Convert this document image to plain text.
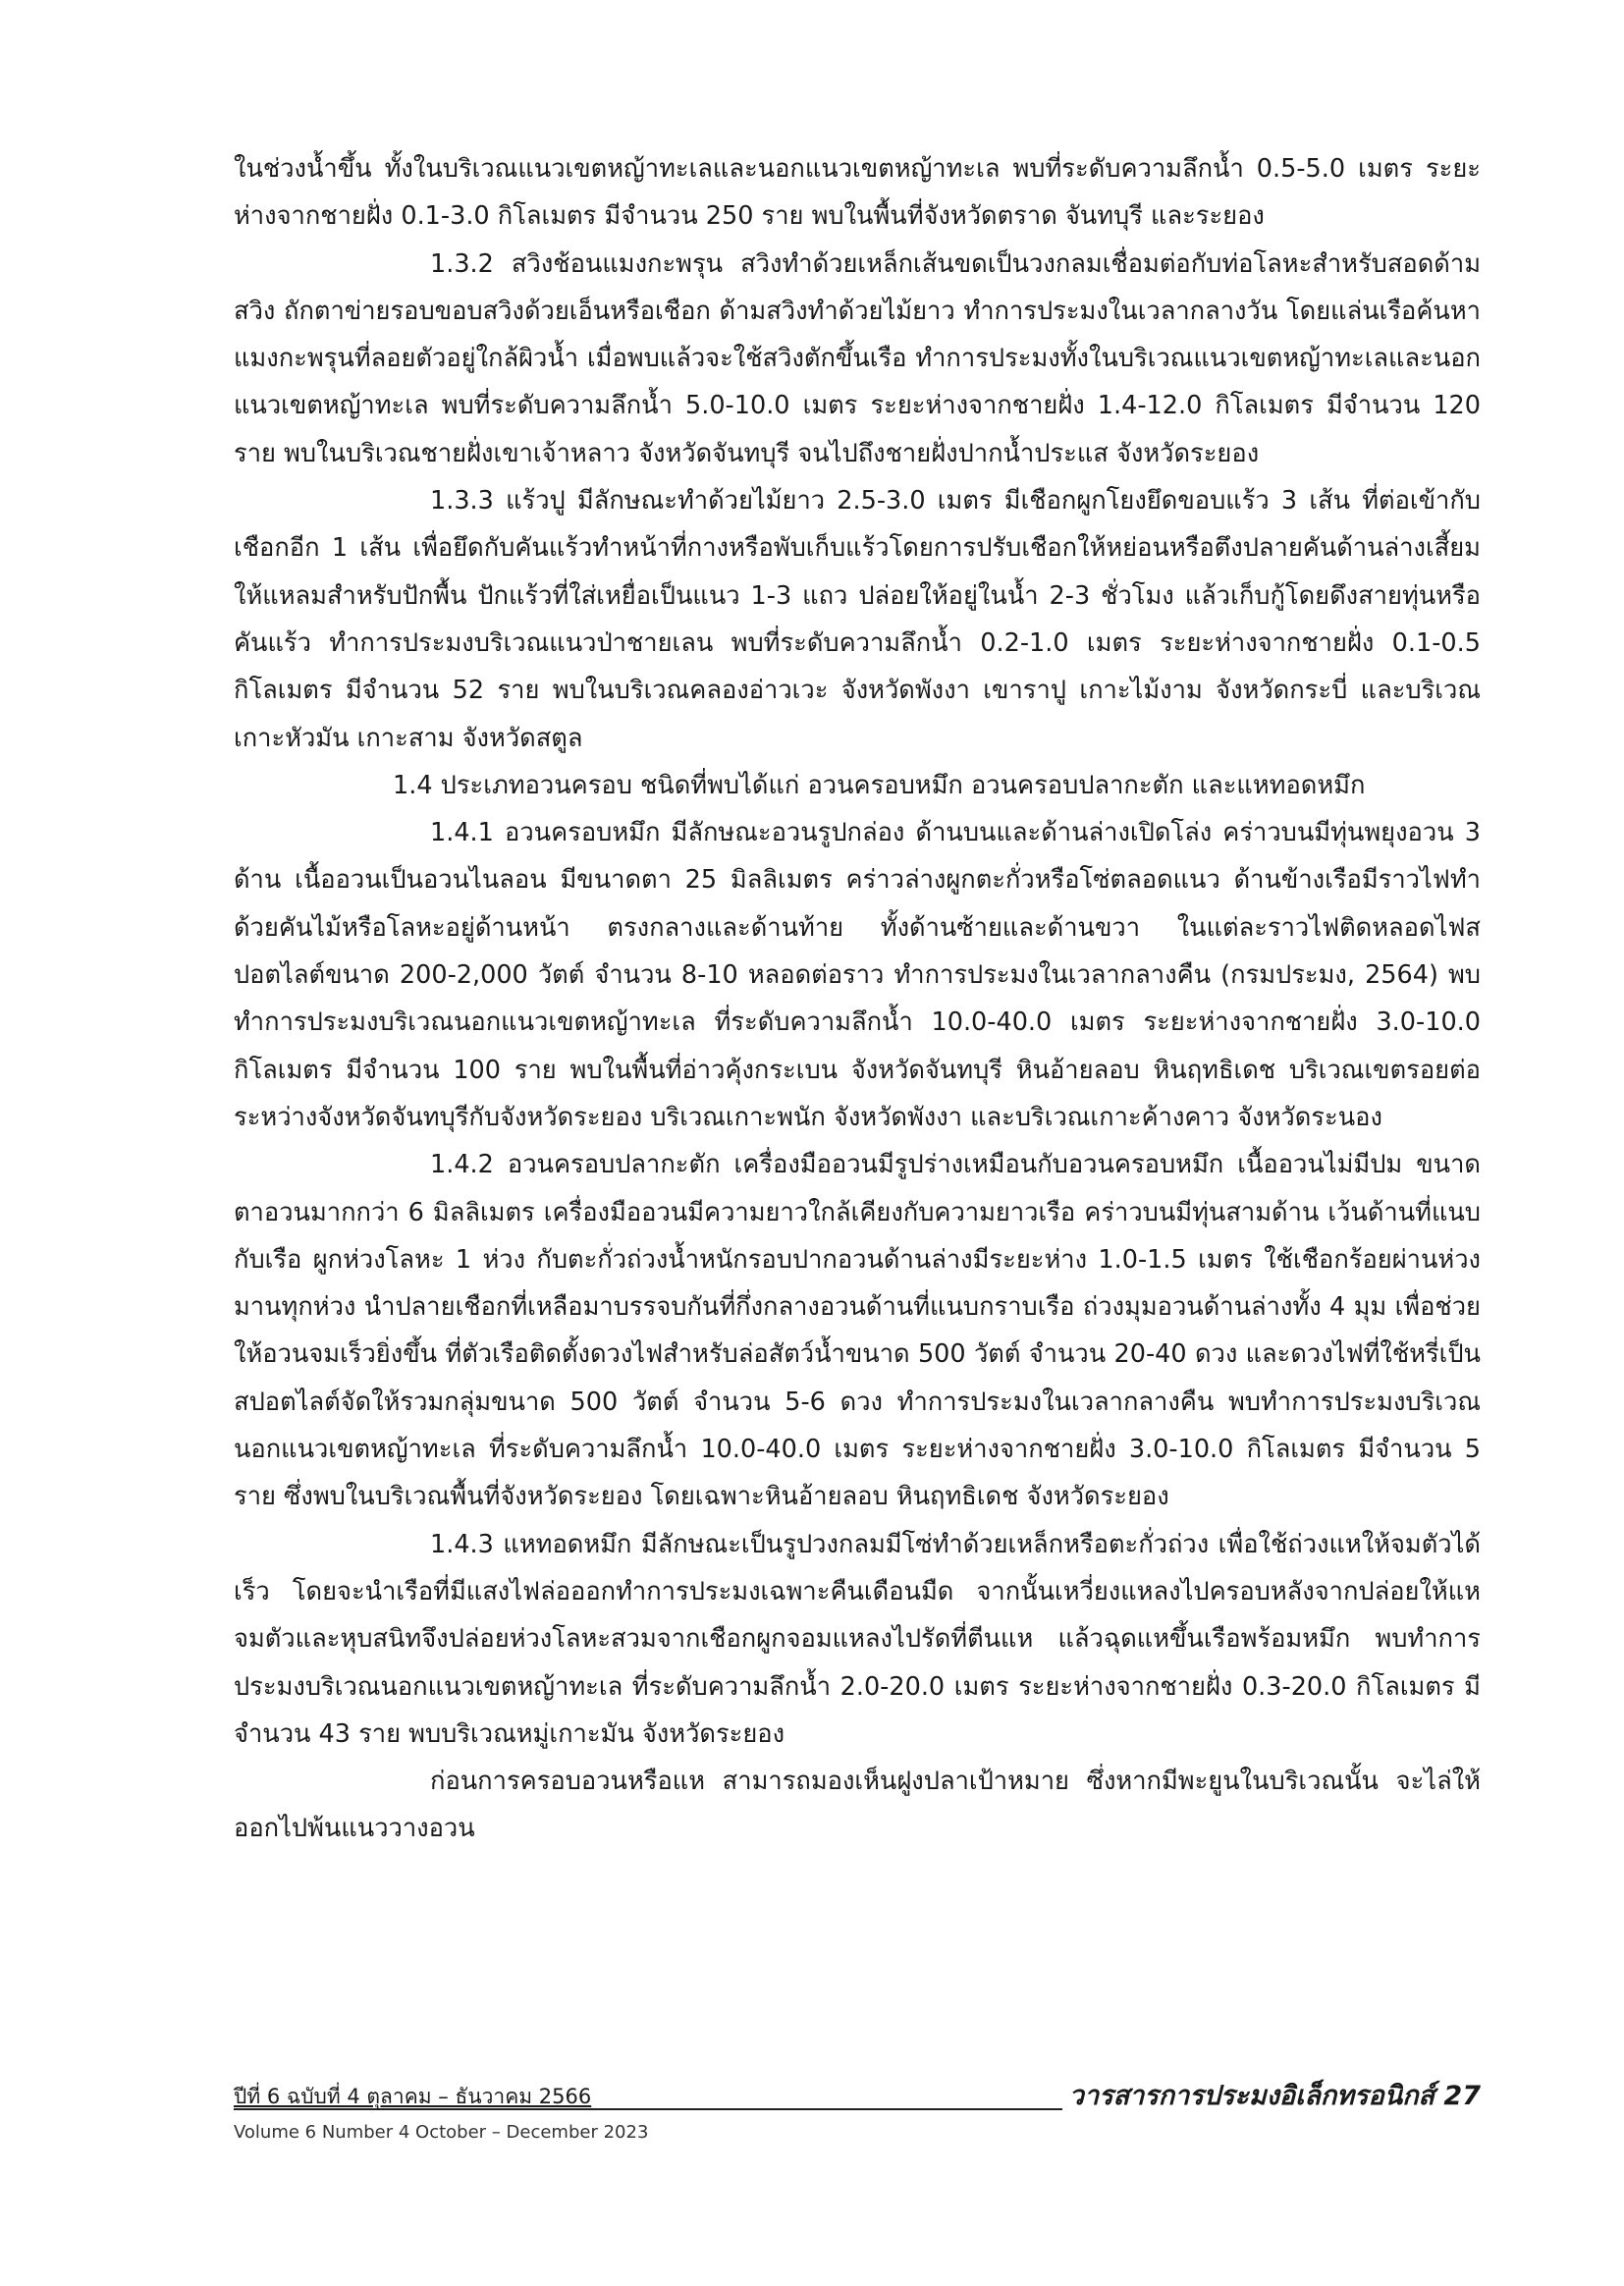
ในช่วงน้ำขึ้น ทั้งในบริเวณแนวเขตหญ้าทะเลและนอกแนวเขตหญ้าทะเล พบที่ระดับความลึกน้ำ 0.5-5.0 เมตร ระยะห่างจากชายฝั่ง 0.1-3.0 กิโลเมตร มีจำนวน 250 ราย พบในพื้นที่จังหวัดตราด จันทบุรี และระยอง

1.3.2 สวิงช้อนแมงกะพรุน สวิงทำด้วยเหล็กเส้นขดเป็นวงกลมเชื่อมต่อกับท่อโลหะสำหรับสอดด้ามสวิง ถักตาข่ายรอบขอบสวิงด้วยเอ็นหรือเชือก ด้ามสวิงทำด้วยไม้ยาว ทำการประมงในเวลากลางวัน โดยแล่นเรือค้นหาแมงกะพรุนที่ลอยตัวอยู่ใกล้ผิวน้ำ เมื่อพบแล้วจะใช้สวิงตักขึ้นเรือ ทำการประมงทั้งในบริเวณแนวเขตหญ้าทะเลและนอกแนวเขตหญ้าทะเล พบที่ระดับความลึกน้ำ 5.0-10.0 เมตร ระยะห่างจากชายฝั่ง 1.4-12.0 กิโลเมตร มีจำนวน 120 ราย พบในบริเวณชายฝั่งเขาเจ้าหลาว จังหวัดจันทบุรี จนไปถึงชายฝั่งปากน้ำประแส จังหวัดระยอง

1.3.3 แร้วปู มีลักษณะทำด้วยไม้ยาว 2.5-3.0 เมตร มีเชือกผูกโยงยึดขอบแร้ว 3 เส้น ที่ต่อเข้ากับเชือกอีก 1 เส้น เพื่อยึดกับคันแร้วทำหน้าที่กางหรือพับเก็บแร้วโดยการปรับเชือกให้หย่อนหรือตึงปลายคันด้านล่างเสี้ยมให้แหลมสำหรับปักพื้น ปักแร้วที่ใส่เหยื่อเป็นแนว 1-3 แถว ปล่อยให้อยู่ในน้ำ 2-3 ชั่วโมง แล้วเก็บกู้โดยดึงสายทุ่นหรือคันแร้ว ทำการประมงบริเวณแนวป่าชายเลน พบที่ระดับความลึกน้ำ 0.2-1.0 เมตร ระยะห่างจากชายฝั่ง 0.1-0.5 กิโลเมตร มีจำนวน 52 ราย พบในบริเวณคลองอ่าวเวะ จังหวัดพังงา เขาราปู เกาะไม้งาม จังหวัดกระบี่ และบริเวณเกาะหัวมัน เกาะสาม จังหวัดสตูล

1.4 ประเภทอวนครอบ ชนิดที่พบได้แก่ อวนครอบหมึก อวนครอบปลากะตัก และแหทอดหมึก

1.4.1 อวนครอบหมึก มีลักษณะอวนรูปกล่อง ด้านบนและด้านล่างเปิดโล่ง คร่าวบนมีทุ่นพยุงอวน 3 ด้าน เนื้ออวนเป็นอวนไนลอน มีขนาดตา 25 มิลลิเมตร คร่าวล่างผูกตะกั่วหรือโซ่ตลอดแนว ด้านข้างเรือมีราวไฟทำด้วยคันไม้หรือโลหะอยู่ด้านหน้า ตรงกลางและด้านท้าย ทั้งด้านซ้ายและด้านขวา ในแต่ละราวไฟติดหลอดไฟสปอตไลต์ขนาด 200-2,000 วัตต์ จำนวน 8-10 หลอดต่อราว ทำการประมงในเวลากลางคืน (กรมประมง, 2564) พบทำการประมงบริเวณนอกแนวเขตหญ้าทะเล ที่ระดับความลึกน้ำ 10.0-40.0 เมตร ระยะห่างจากชายฝั่ง 3.0-10.0 กิโลเมตร มีจำนวน 100 ราย พบในพื้นที่อ่าวคุ้งกระเบน จังหวัดจันทบุรี หินอ้ายลอบ หินฤทธิเดช บริเวณเขตรอยต่อระหว่างจังหวัดจันทบุรีกับจังหวัดระยอง บริเวณเกาะพนัก จังหวัดพังงา และบริเวณเกาะค้างคาว จังหวัดระนอง

1.4.2 อวนครอบปลากะตัก เครื่องมืออวนมีรูปร่างเหมือนกับอวนครอบหมึก เนื้ออวนไม่มีปม ขนาดตาอวนมากกว่า 6 มิลลิเมตร เครื่องมืออวนมีความยาวใกล้เคียงกับความยาวเรือ คร่าวบนมีทุ่นสามด้าน เว้นด้านที่แนบกับเรือ ผูกห่วงโลหะ 1 ห่วง กับตะกั่วถ่วงน้ำหนักรอบปากอวนด้านล่างมีระยะห่าง 1.0-1.5 เมตร ใช้เชือกร้อยผ่านห่วงมานทุกห่วง นำปลายเชือกที่เหลือมาบรรจบกันที่กึ่งกลางอวนด้านที่แนบกราบเรือ ถ่วงมุมอวนด้านล่างทั้ง 4 มุม เพื่อช่วยให้อวนจมเร็วยิ่งขึ้น ที่ตัวเรือติดตั้งดวงไฟสำหรับล่อสัตว์น้ำขนาด 500 วัตต์ จำนวน 20-40 ดวง และดวงไฟที่ใช้หรี่เป็นสปอตไลต์จัดให้รวมกลุ่มขนาด 500 วัตต์ จำนวน 5-6 ดวง ทำการประมงในเวลากลางคืน พบทำการประมงบริเวณนอกแนวเขตหญ้าทะเล ที่ระดับความลึกน้ำ 10.0-40.0 เมตร ระยะห่างจากชายฝั่ง 3.0-10.0 กิโลเมตร มีจำนวน 5 ราย ซึ่งพบในบริเวณพื้นที่จังหวัดระยอง โดยเฉพาะหินอ้ายลอบ หินฤทธิเดช จังหวัดระยอง

1.4.3 แหทอดหมึก มีลักษณะเป็นรูปวงกลมมีโซ่ทำด้วยเหล็กหรือตะกั่วถ่วง เพื่อใช้ถ่วงแหให้จมตัวได้เร็ว โดยจะนำเรือที่มีแสงไฟล่อออกทำการประมงเฉพาะคืนเดือนมืด จากนั้นเหวี่ยงแหลงไปครอบหลังจากปล่อยให้แหจมตัวและหุบสนิทจึงปล่อยห่วงโลหะสวมจากเชือกผูกจอมแหลงไปรัดที่ตีนแห แล้วฉุดแหขึ้นเรือพร้อมหมึก พบทำการประมงบริเวณนอกแนวเขตหญ้าทะเล ที่ระดับความลึกน้ำ 2.0-20.0 เมตร ระยะห่างจากชายฝั่ง 0.3-20.0 กิโลเมตร มีจำนวน 43 ราย พบบริเวณหมู่เกาะมัน จังหวัดระยอง

ก่อนการครอบอวนหรือแห สามารถมองเห็นฝูงปลาเป้าหมาย ซึ่งหากมีพะยูนในบริเวณนั้น จะไล่ให้ออกไปพ้นแนววางอวน

ปีที่ 6 ฉบับที่ 4 ตุลาคม – ธันวาคม 2566	วารสารการประมงอิเล็กทรอนิกส์ 27
Volume 6 Number 4 October – December 2023
